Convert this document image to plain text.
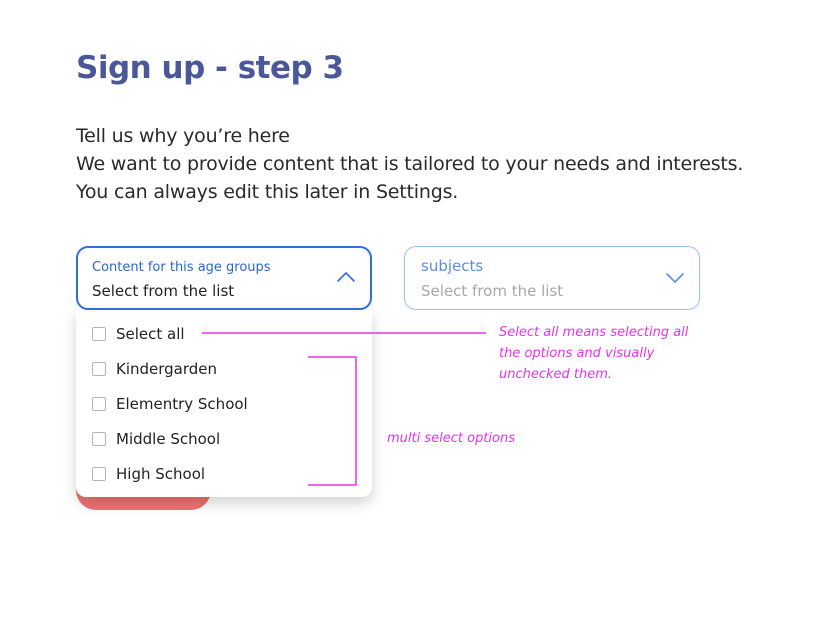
Sign up - step 3

Tell us why you’re here

We want to provide content that is tailored to your needs and interests.

You can always edit this later in Settings.

Content for this age groups
Select from the list
subjects
Select from the list
Select all
Kindergarden
Elementry School
Middle School
High School
Select all means selecting all
the options and visually
unchecked them.
multi select options
